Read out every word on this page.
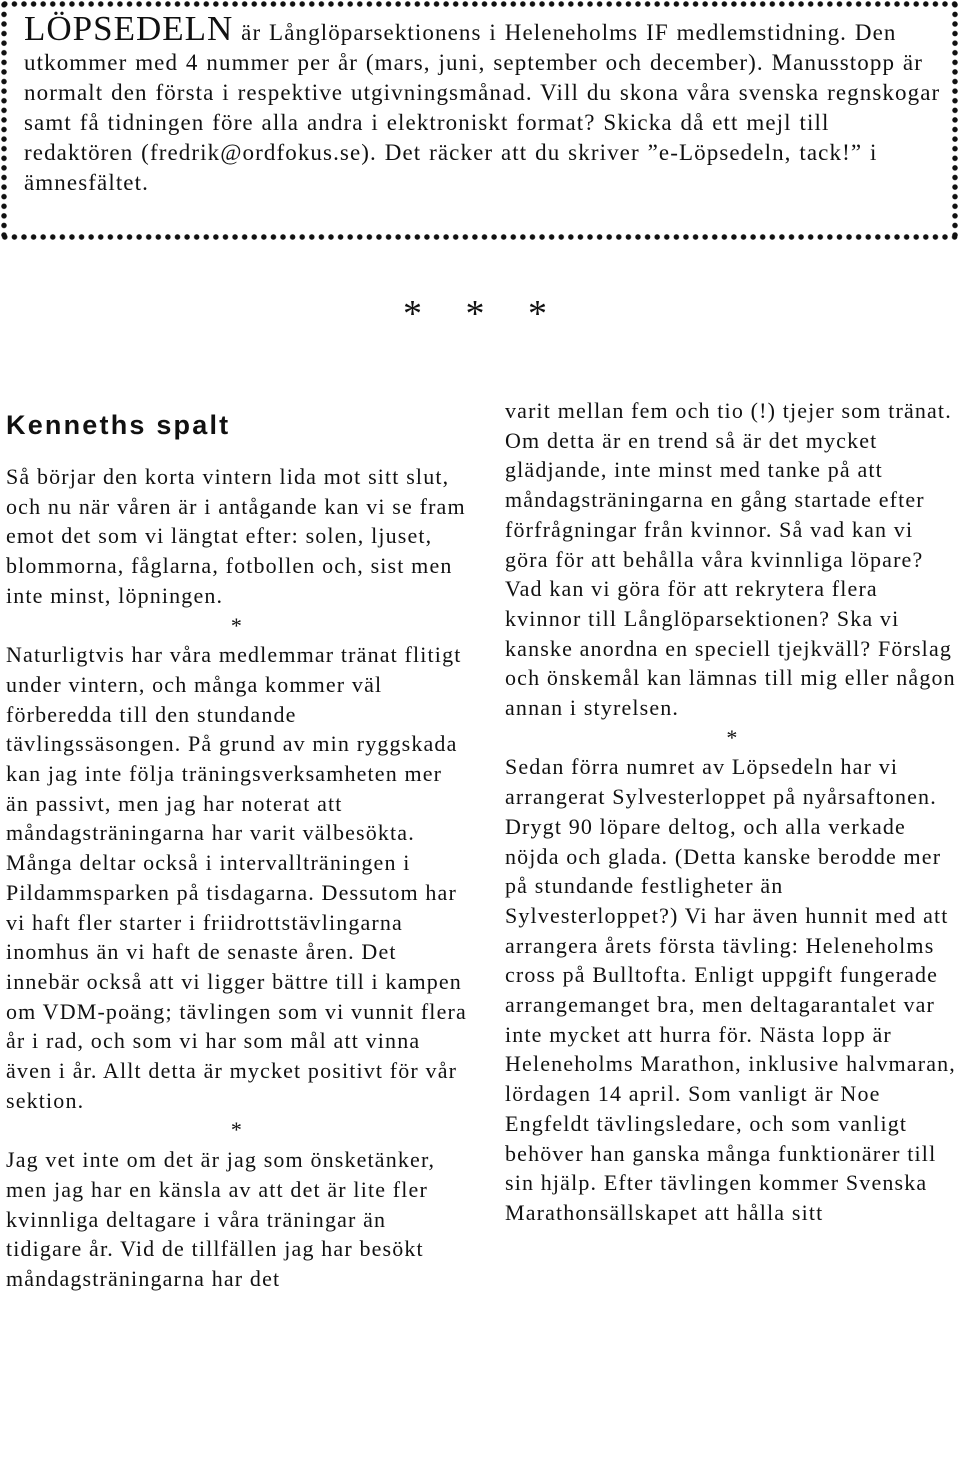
LÖPSEDELN är Långlöparsektionens i Heleneholms IF medlemstidning. Den utkommer med 4 nummer per år (mars, juni, september och december). Manusstopp är normalt den första i respektive utgivningsmånad. Vill du skona våra svenska regnskogar samt få tidningen före alla andra i elektroniskt format? Skicka då ett mejl till redaktören (fredrik@ordfokus.se). Det räcker att du skriver ”e-Löpsedeln, tack!” i ämnesfältet.
* * *
Kenneths spalt

Så börjar den korta vintern lida mot sitt slut, och nu när våren är i antågande kan vi se fram emot det som vi längtat efter: solen, ljuset, blommorna, fåglarna, fotbollen och, sist men inte minst, löpningen.

*

Naturligtvis har våra medlemmar tränat flitigt under vintern, och många kommer väl förberedda till den stundande tävlingssäsongen. På grund av min ryggskada kan jag inte följa träningsverksamheten mer än passivt, men jag har noterat att måndagsträningarna har varit välbesökta. Många deltar också i intervallträningen i Pildammsparken på tisdagarna. Dessutom har vi haft fler starter i friidrottstävlingarna inomhus än vi haft de senaste åren. Det innebär också att vi ligger bättre till i kampen om VDM-poäng; tävlingen som vi vunnit flera år i rad, och som vi har som mål att vinna även i år. Allt detta är mycket positivt för vår sektion.

*

Jag vet inte om det är jag som önsketänker, men jag har en känsla av att det är lite fler kvinnliga deltagare i våra träningar än tidigare år. Vid de tillfällen jag har besökt måndagsträningarna har det

varit mellan fem och tio (!) tjejer som tränat. Om detta är en trend så är det mycket glädjande, inte minst med tanke på att måndagsträningarna en gång startade efter förfrågningar från kvinnor. Så vad kan vi göra för att behålla våra kvinnliga löpare? Vad kan vi göra för att rekrytera flera kvinnor till Långlöparsektionen? Ska vi kanske anordna en speciell tjejkväll? Förslag och önskemål kan lämnas till mig eller någon annan i styrelsen.

*

Sedan förra numret av Löpsedeln har vi arrangerat Sylvesterloppet på nyårsaftonen. Drygt 90 löpare deltog, och alla verkade nöjda och glada. (Detta kanske berodde mer på stundande festligheter än Sylvesterloppet?) Vi har även hunnit med att arrangera årets första tävling: Heleneholms cross på Bulltofta. Enligt uppgift fungerade arrangemanget bra, men deltagarantalet var inte mycket att hurra för. Nästa lopp är Heleneholms Marathon, inklusive halvmaran, lördagen 14 april. Som vanligt är Noe Engfeldt tävlingsledare, och som vanligt behöver han ganska många funktionärer till sin hjälp. Efter tävlingen kommer Svenska Marathonsällskapet att hålla sitt
